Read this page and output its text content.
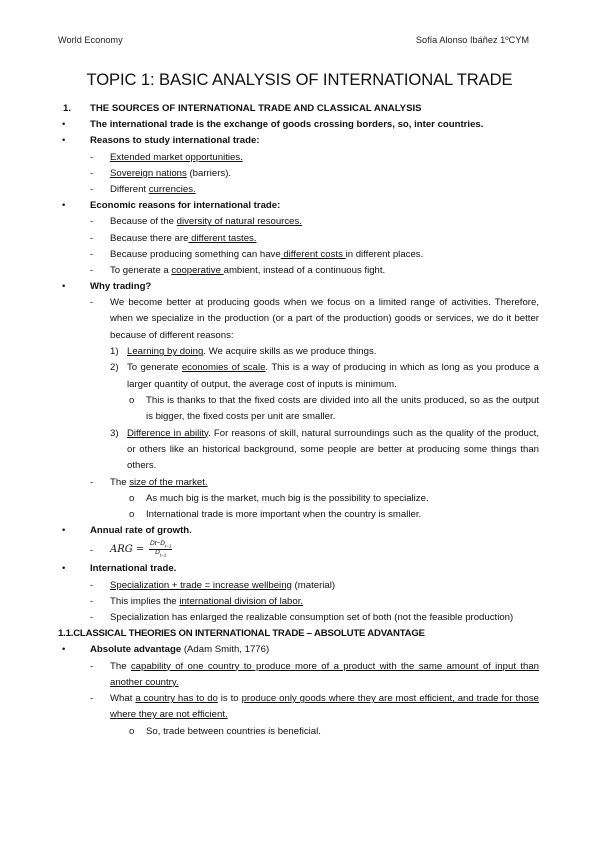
World Economy	Sofía Alonso Ibáñez 1ºCYM
TOPIC 1: BASIC ANALYSIS OF INTERNATIONAL TRADE
1. THE SOURCES OF INTERNATIONAL TRADE AND CLASSICAL ANALYSIS
•	The international trade is the exchange of goods crossing borders, so, inter countries.
•	Reasons to study international trade:
- Extended market opportunities.
- Sovereign nations (barriers).
- Different currencies.
•	Economic reasons for international trade:
- Because of the diversity of natural resources.
- Because there are different tastes.
- Because producing something can have different costs in different places.
- To generate a cooperative ambient, instead of a continuous fight.
•	Why trading?
- We become better at producing goods when we focus on a limited range of activities. Therefore, when we specialize in the production (or a part of the production) goods or services, we do it better because of different reasons:
1) Learning by doing. We acquire skills as we produce things.
2) To generate economies of scale. This is a way of producing in which as long as you produce a larger quantity of output, the average cost of inputs is minimum.
o This is thanks to that the fixed costs are divided into all the units produced, so as the output is bigger, the fixed costs per unit are smaller.
3) Difference in ability. For reasons of skill, natural surroundings such as the quality of the product, or others like an historical background, some people are better at producing some things than others.
- The size of the market.
o As much big is the market, much big is the possibility to specialize.
o International trade is more important when the country is smaller.
•	Annual rate of growth.
- ARG = $\frac{Dt-D_{t-1}}{D_{t-1}}$
•	International trade.
- Specialization + trade = increase wellbeing (material)
- This implies the international division of labor.
- Specialization has enlarged the realizable consumption set of both (not the feasible production)
1.1.CLASSICAL THEORIES ON INTERNATIONAL TRADE – ABSOLUTE ADVANTAGE
•	Absolute advantage (Adam Smith, 1776)
- The capability of one country to produce more of a product with the same amount of input than another country.
- What a country has to do is to produce only goods where they are most efficient, and trade for those where they are not efficient.
o So, trade between countries is beneficial.
